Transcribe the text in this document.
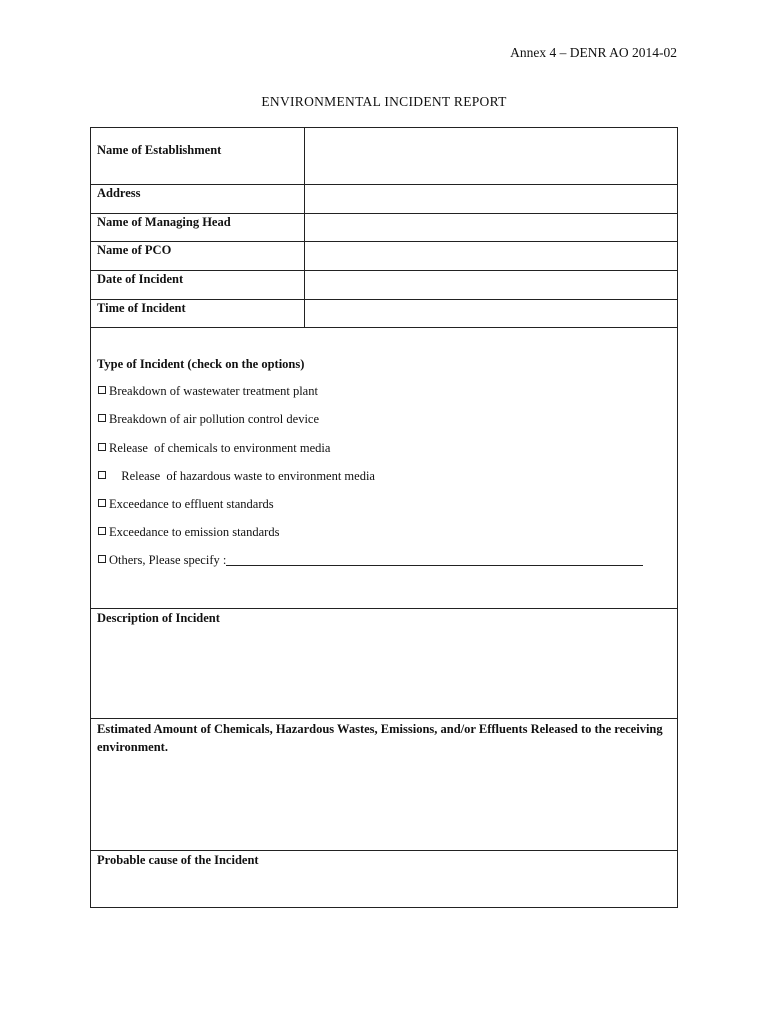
Annex 4 – DENR AO 2014-02
ENVIRONMENTAL INCIDENT REPORT
Name of Establishment
Address
Name of Managing Head
Name of PCO
Date of Incident
Time of Incident
Type of Incident (check on the options)
Breakdown of wastewater treatment plant
Breakdown of air pollution control device
Release  of chemicals to environment media
Release  of hazardous waste to environment media
Exceedance to effluent standards
Exceedance to emission standards
Others, Please specify :
Description of Incident
Estimated Amount of Chemicals, Hazardous Wastes, Emissions, and/or Effluents Released to the receiving environment.
Probable cause of the Incident
